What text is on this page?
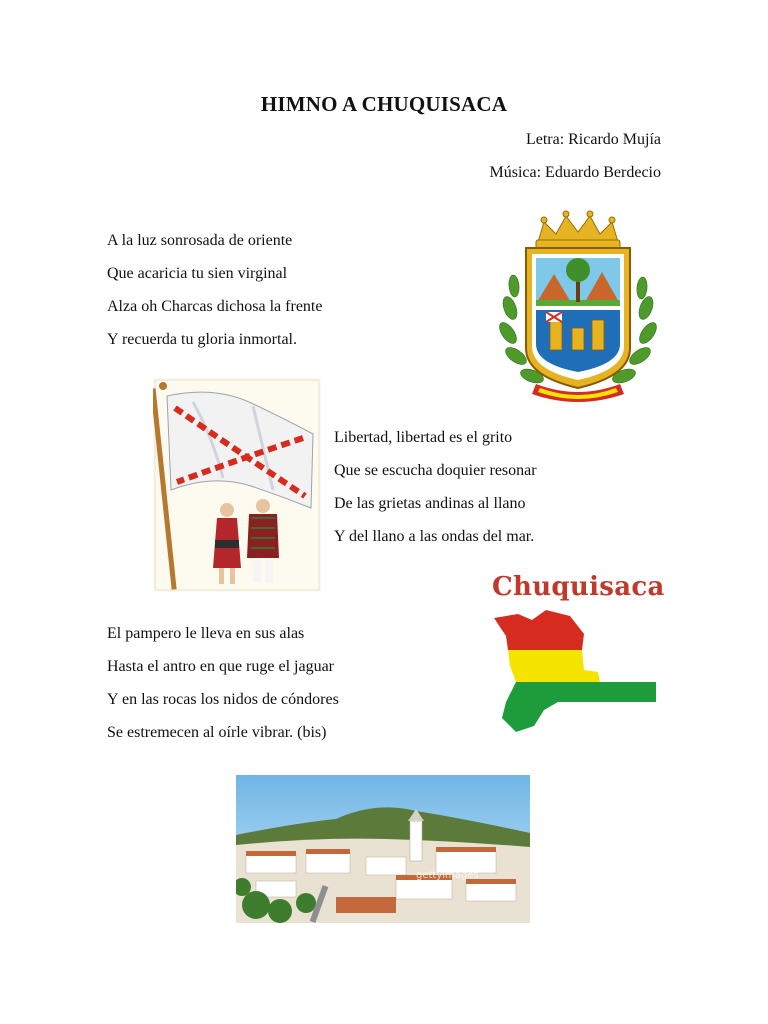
HIMNO A CHUQUISACA
Letra: Ricardo Mujía
Música: Eduardo Berdecio
A la luz sonrosada de oriente
Que acaricia tu sien virginal
Alza oh Charcas dichosa la frente
Y recuerda tu gloria inmortal.
Libertad, libertad es el grito
Que se escucha doquier resonar
De las grietas andinas al llano
Y del llano a las ondas del mar.
El pampero le lleva en sus alas
Hasta el antro en que ruge el jaguar
Y en las rocas los nidos de cóndores
Se estremecen al oírle vibrar. (bis)
Chuquisaca
gettyimages
